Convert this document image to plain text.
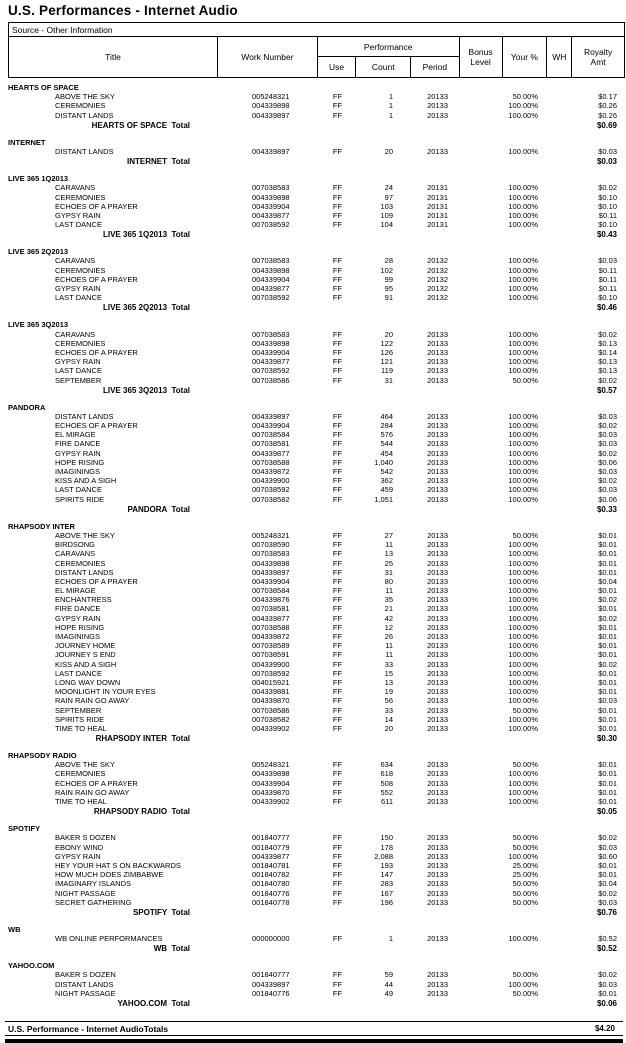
U.S. Performances - Internet Audio
Source - Other Information
Title	Work Number
Performance
Use	Count	Period
Bonus Level	Your %	WH	Royalty Amt
HEARTS OF SPACE
ABOVE THE SKY	005248321	FF	1	20133	50.00%	$0.17
CEREMONIES	004339898	FF	1	20133	100.00%	$0.26
DISTANT LANDS	004339897	FF	1	20133	100.00%	$0.26
HEARTS OF SPACE  Total	$0.69
INTERNET
DISTANT LANDS	004339897	FF	20	20133	100.00%	$0.03
INTERNET  Total	$0.03
LIVE 365 1Q2013
CARAVANS	007038583	FF	24	20131	100.00%	$0.02
CEREMONIES	004339898	FF	97	20131	100.00%	$0.10
ECHOES OF A PRAYER	004339904	FF	103	20131	100.00%	$0.10
GYPSY RAIN	004339877	FF	109	20131	100.00%	$0.11
LAST DANCE	007038592	FF	104	20131	100.00%	$0.10
LIVE 365 1Q2013  Total	$0.43
LIVE 365 2Q2013
CARAVANS	007038583	FF	28	20132	100.00%	$0.03
CEREMONIES	004339898	FF	102	20132	100.00%	$0.11
ECHOES OF A PRAYER	004339904	FF	99	20132	100.00%	$0.11
GYPSY RAIN	004339877	FF	95	20132	100.00%	$0.11
LAST DANCE	007038592	FF	91	20132	100.00%	$0.10
LIVE 365 2Q2013  Total	$0.46
LIVE 365 3Q2013
CARAVANS	007038583	FF	20	20133	100.00%	$0.02
CEREMONIES	004339898	FF	122	20133	100.00%	$0.13
ECHOES OF A PRAYER	004339904	FF	126	20133	100.00%	$0.14
GYPSY RAIN	004339877	FF	121	20133	100.00%	$0.13
LAST DANCE	007038592	FF	119	20133	100.00%	$0.13
SEPTEMBER	007038586	FF	31	20133	50.00%	$0.02
LIVE 365 3Q2013  Total	$0.57
PANDORA
DISTANT LANDS	004339897	FF	464	20133	100.00%	$0.03
ECHOES OF A PRAYER	004339904	FF	284	20133	100.00%	$0.02
EL MIRAGE	007038584	FF	576	20133	100.00%	$0.03
FIRE DANCE	007038581	FF	544	20133	100.00%	$0.03
GYPSY RAIN	004339877	FF	454	20133	100.00%	$0.02
HOPE RISING	007038588	FF	1,040	20133	100.00%	$0.06
IMAGININGS	004339872	FF	542	20133	100.00%	$0.03
KISS AND A SIGH	004339900	FF	362	20133	100.00%	$0.02
LAST DANCE	007038592	FF	459	20133	100.00%	$0.03
SPIRITS RIDE	007038582	FF	1,051	20133	100.00%	$0.06
PANDORA  Total	$0.33
RHAPSODY INTER
ABOVE THE SKY	005248321	FF	27	20133	50.00%	$0.01
BIRDSONG	007038590	FF	11	20133	100.00%	$0.01
CARAVANS	007038583	FF	13	20133	100.00%	$0.01
CEREMONIES	004339898	FF	25	20133	100.00%	$0.01
DISTANT LANDS	004339897	FF	31	20133	100.00%	$0.01
ECHOES OF A PRAYER	004339904	FF	80	20133	100.00%	$0.04
EL MIRAGE	007038584	FF	11	20133	100.00%	$0.01
ENCHANTRESS	004339876	FF	35	20133	100.00%	$0.02
FIRE DANCE	007038581	FF	21	20133	100.00%	$0.01
GYPSY RAIN	004339877	FF	42	20133	100.00%	$0.02
HOPE RISING	007038588	FF	12	20133	100.00%	$0.01
IMAGININGS	004339872	FF	26	20133	100.00%	$0.01
JOURNEY HOME	007038589	FF	11	20133	100.00%	$0.01
JOURNEY S END	007038591	FF	11	20133	100.00%	$0.01
KISS AND A SIGH	004339900	FF	33	20133	100.00%	$0.02
LAST DANCE	007038592	FF	15	20133	100.00%	$0.01
LONG WAY DOWN	004015921	FF	13	20133	100.00%	$0.01
MOONLIGHT IN YOUR EYES	004339881	FF	19	20133	100.00%	$0.01
RAIN RAIN GO AWAY	004339870	FF	56	20133	100.00%	$0.03
SEPTEMBER	007038586	FF	33	20133	50.00%	$0.01
SPIRITS RIDE	007038582	FF	14	20133	100.00%	$0.01
TIME TO HEAL	004339902	FF	20	20133	100.00%	$0.01
RHAPSODY INTER  Total	$0.30
RHAPSODY RADIO
ABOVE THE SKY	005248321	FF	634	20133	50.00%	$0.01
CEREMONIES	004339898	FF	618	20133	100.00%	$0.01
ECHOES OF A PRAYER	004339904	FF	508	20133	100.00%	$0.01
RAIN RAIN GO AWAY	004339870	FF	552	20133	100.00%	$0.01
TIME TO HEAL	004339902	FF	611	20133	100.00%	$0.01
RHAPSODY RADIO  Total	$0.05
SPOTIFY
BAKER S DOZEN	001840777	FF	150	20133	50.00%	$0.02
EBONY WIND	001840779	FF	178	20133	50.00%	$0.03
GYPSY RAIN	004339877	FF	2,088	20133	100.00%	$0.60
HEY YOUR HAT S ON BACKWARDS	001840781	FF	193	20133	25.00%	$0.01
HOW MUCH DOES ZIMBABWE	001840782	FF	147	20133	25.00%	$0.01
IMAGINARY ISLANDS	001840780	FF	283	20133	50.00%	$0.04
NIGHT PASSAGE	001840776	FF	167	20133	50.00%	$0.02
SECRET GATHERING	001840778	FF	196	20133	50.00%	$0.03
SPOTIFY  Total	$0.76
WB
WB ONLINE PERFORMANCES	000000000	FF	1	20133	100.00%	$0.52
WB  Total	$0.52
YAHOO.COM
BAKER S DOZEN	001840777	FF	59	20133	50.00%	$0.02
DISTANT LANDS	004339897	FF	44	20133	100.00%	$0.03
NIGHT PASSAGE	001840776	FF	49	20133	50.00%	$0.01
YAHOO.COM  Total	$0.06
U.S. Performance - Internet AudioTotals	$4.20
